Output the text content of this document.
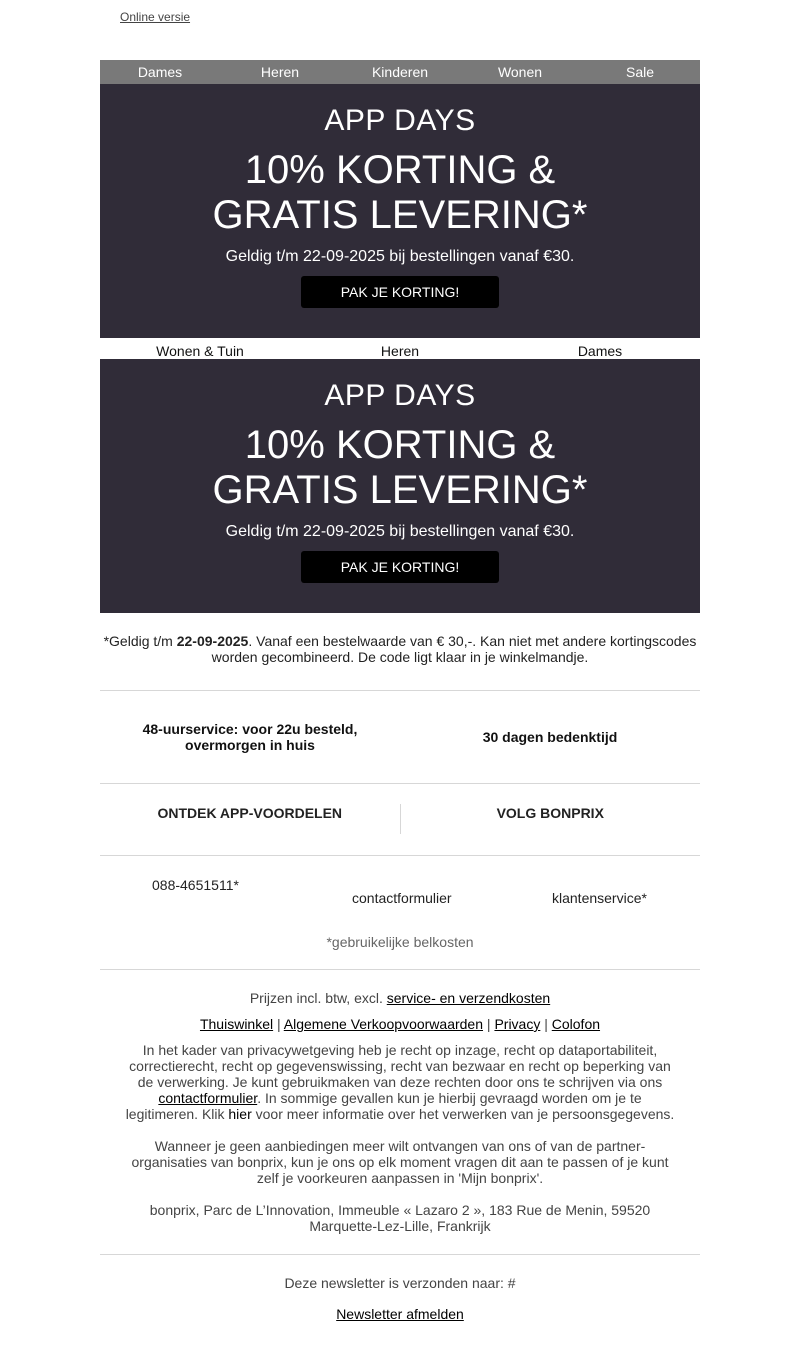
Online versie
Dames	Heren	Kinderen	Wonen	Sale
APP DAYS
10% KORTING &
GRATIS LEVERING*
Geldig t/m 22-09-2025 bij bestellingen vanaf €30.
PAK JE KORTING!
Wonen & Tuin	Heren	Dames
APP DAYS
10% KORTING &
GRATIS LEVERING*
Geldig t/m 22-09-2025 bij bestellingen vanaf €30.
PAK JE KORTING!
*Geldig t/m 22-09-2025. Vanaf een bestelwaarde van € 30,-. Kan niet met andere kortingscodes worden gecombineerd. De code ligt klaar in je winkelmandje.
48-uurservice: voor 22u besteld,
overmorgen in huis	30 dagen bedenktijd
ONTDEK APP-VOORDELEN	VOLG BONPRIX
088-4651511*
contactformulier	klantenservice*

*gebruikelijke belkosten

Prijzen incl. btw, excl. service- en verzendkosten

Thuiswinkel | Algemene Verkoopvoorwaarden | Privacy | Colofon

In het kader van privacywetgeving heb je recht op inzage, recht op dataportabiliteit, correctierecht, recht op gegevenswissing, recht van bezwaar en recht op beperking van de verwerking. Je kunt gebruikmaken van deze rechten door ons te schrijven via ons contactformulier. In sommige gevallen kun je hierbij gevraagd worden om je te legitimeren. Klik hier voor meer informatie over het verwerken van je persoonsgegevens.

Wanneer je geen aanbiedingen meer wilt ontvangen van ons of van de partner-organisaties van bonprix, kun je ons op elk moment vragen dit aan te passen of je kunt zelf je voorkeuren aanpassen in 'Mijn bonprix'.

bonprix, Parc de L’Innovation, Immeuble « Lazaro 2 », 183 Rue de Menin, 59520 Marquette-Lez-Lille, Frankrijk

Deze newsletter is verzonden naar: #

Newsletter afmelden
